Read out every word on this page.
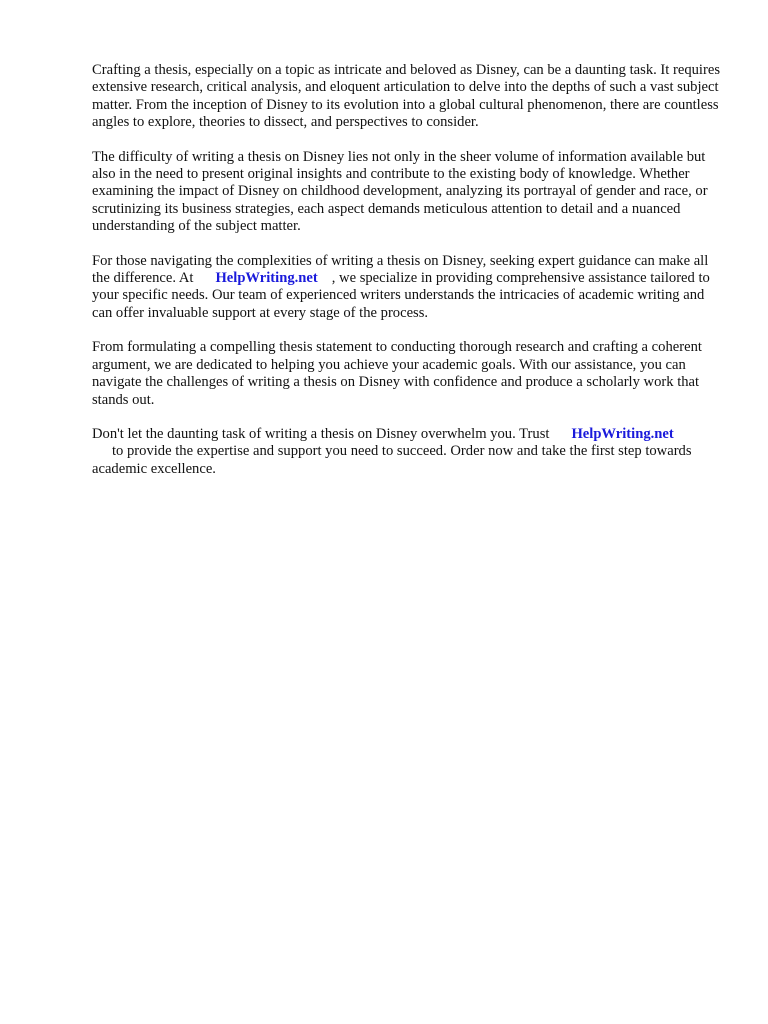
Crafting a thesis, especially on a topic as intricate and beloved as Disney, can be a daunting task. It requires extensive research, critical analysis, and eloquent articulation to delve into the depths of such a vast subject matter. From the inception of Disney to its evolution into a global cultural phenomenon, there are countless angles to explore, theories to dissect, and perspectives to consider.

The difficulty of writing a thesis on Disney lies not only in the sheer volume of information available but also in the need to present original insights and contribute to the existing body of knowledge. Whether examining the impact of Disney on childhood development, analyzing its portrayal of gender and race, or scrutinizing its business strategies, each aspect demands meticulous attention to detail and a nuanced understanding of the subject matter.

For those navigating the complexities of writing a thesis on Disney, seeking expert guidance can make all the difference. At HelpWriting.net , we specialize in providing comprehensive assistance tailored to your specific needs. Our team of experienced writers understands the intricacies of academic writing and can offer invaluable support at every stage of the process.

From formulating a compelling thesis statement to conducting thorough research and crafting a coherent argument, we are dedicated to helping you achieve your academic goals. With our assistance, you can navigate the challenges of writing a thesis on Disney with confidence and produce a scholarly work that stands out.

Don't let the daunting task of writing a thesis on Disney overwhelm you. Trust HelpWriting.net
to provide the expertise and support you need to succeed. Order now and take the first step towards academic excellence.
